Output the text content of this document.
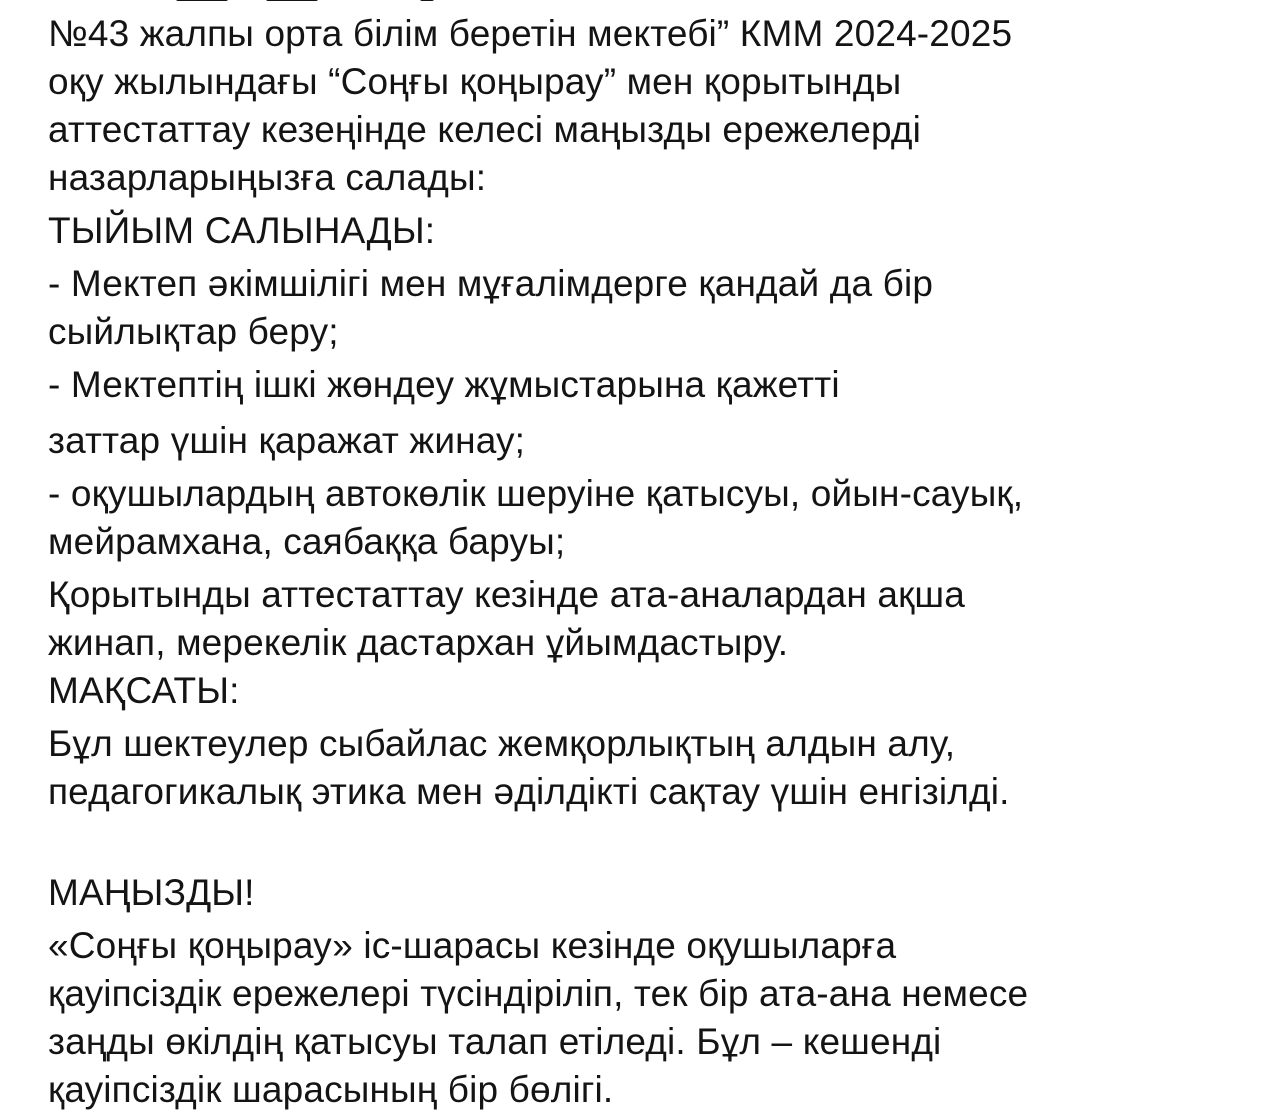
№43 жалпы орта білім беретін мектебі” КММ 2024-2025
оқу жылындағы “Соңғы қоңырау” мен қорытынды
аттестаттау кезеңінде келесі маңызды ережелерді
назарларыңызға салады:
ТЫЙЫМ САЛЫНАДЫ:
- Мектеп әкімшілігі мен мұғалімдерге қандай да бір
сыйлықтар беру;
- Мектептің ішкі жөндеу жұмыстарына қажетті
заттар үшін қаражат жинау;
- оқушылардың автокөлік шеруіне қатысуы, ойын-сауық,
мейрамхана, саябаққа баруы;
Қорытынды аттестаттау кезінде ата-аналардан ақша
жинап, мерекелік дастархан ұйымдастыру.
МАҚСАТЫ:
Бұл шектеулер сыбайлас жемқорлықтың алдын алу,
педагогикалық этика мен әділдікті сақтау үшін енгізілді.
МАҢЫЗДЫ!
«Соңғы қоңырау» іс-шарасы кезінде оқушыларға
қауіпсіздік ережелері түсіндіріліп, тек бір ата-ана немесе
заңды өкілдің қатысуы талап етіледі. Бұл – кешенді
қауіпсіздік шарасының бір бөлігі.
